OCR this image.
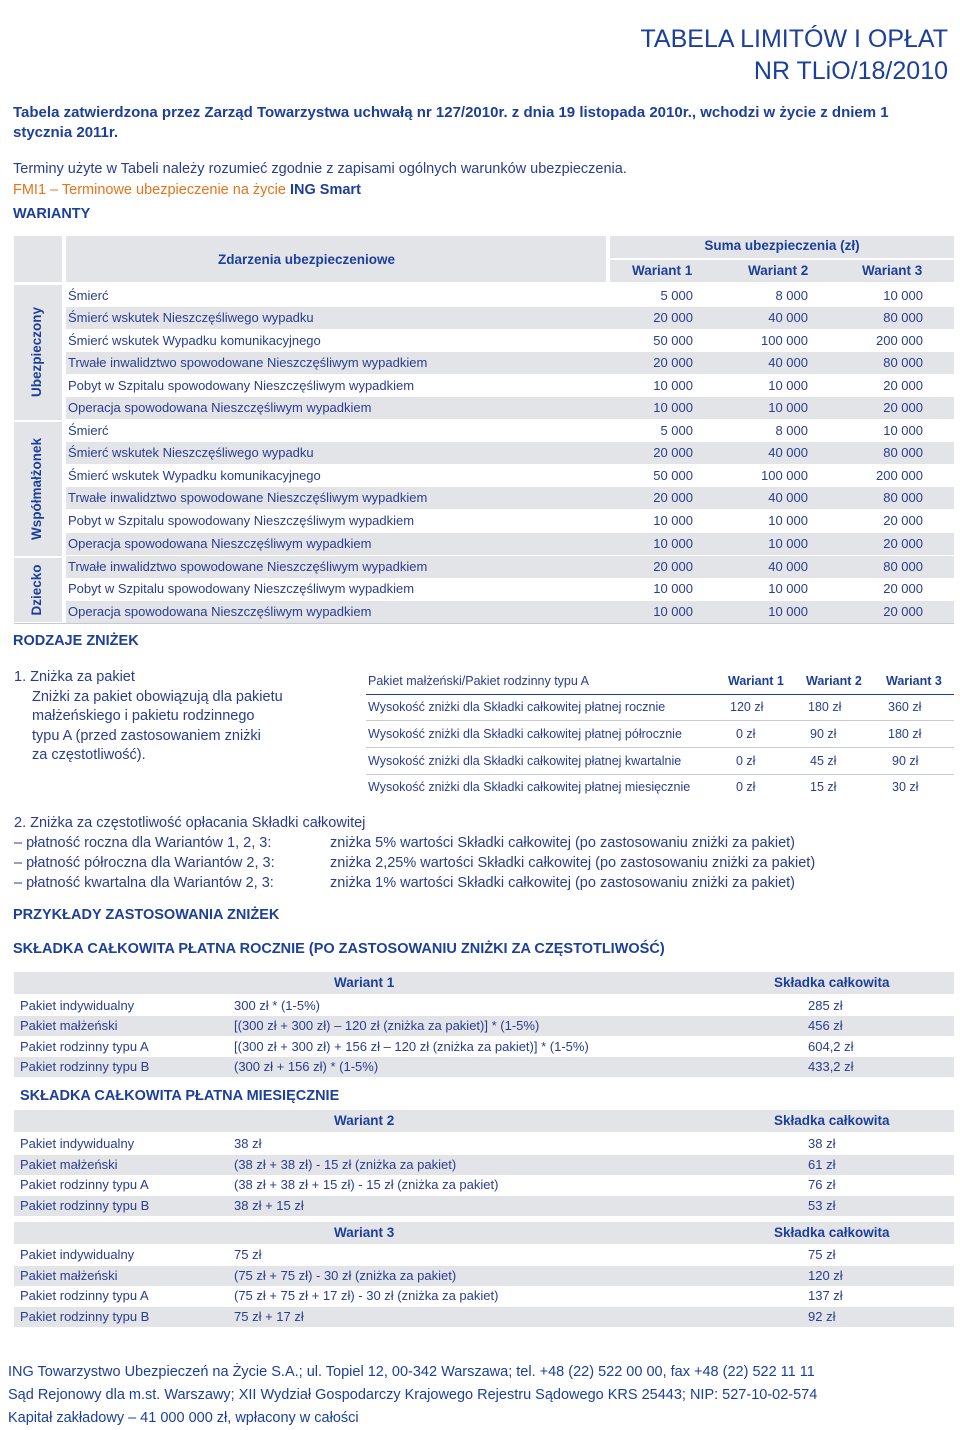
TABELA LIMITÓW I OPŁAT
NR TLiO/18/2010
Tabela zatwierdzona przez Zarząd Towarzystwa uchwałą nr 127/2010r. z dnia 19 listopada 2010r., wchodzi w życie z dniem 1 stycznia 2011r.
Terminy użyte w Tabeli należy rozumieć zgodnie z zapisami ogólnych warunków ubezpieczenia.
FMI1 – Terminowe ubezpieczenie na życie ING Smart
WARIANTY
Zdarzenia ubezpieczeniowe
Suma ubezpieczenia (zł)
Wariant 1	Wariant 2	Wariant 3
Ubezpieczony
Współmałżonek
Dziecko
Śmierć	5 000	8 000	10 000
Śmierć wskutek Nieszczęśliwego wypadku	20 000	40 000	80 000
Śmierć wskutek Wypadku komunikacyjnego	50 000	100 000	200 000
Trwałe inwalidztwo spowodowane Nieszczęśliwym wypadkiem	20 000	40 000	80 000
Pobyt w Szpitalu spowodowany Nieszczęśliwym wypadkiem	10 000	10 000	20 000
Operacja spowodowana Nieszczęśliwym wypadkiem	10 000	10 000	20 000
Śmierć	5 000	8 000	10 000
Śmierć wskutek Nieszczęśliwego wypadku	20 000	40 000	80 000
Śmierć wskutek Wypadku komunikacyjnego	50 000	100 000	200 000
Trwałe inwalidztwo spowodowane Nieszczęśliwym wypadkiem	20 000	40 000	80 000
Pobyt w Szpitalu spowodowany Nieszczęśliwym wypadkiem	10 000	10 000	20 000
Operacja spowodowana Nieszczęśliwym wypadkiem	10 000	10 000	20 000
Trwałe inwalidztwo spowodowane Nieszczęśliwym wypadkiem	20 000	40 000	80 000
Pobyt w Szpitalu spowodowany Nieszczęśliwym wypadkiem	10 000	10 000	20 000
Operacja spowodowana Nieszczęśliwym wypadkiem	10 000	10 000	20 000
RODZAJE ZNIŻEK
1. Zniżka za pakiet
Zniżki za pakiet obowiązują dla pakietu
małżeńskiego i pakietu rodzinnego
typu A (przed zastosowaniem zniżki
za częstotliwość).
Pakiet małżeński/Pakiet rodzinny typu A	Wariant 1 Wariant 2 Wariant 3
Wysokość zniżki dla Składki całkowitej płatnej rocznie	120 zł	180 zł	360 zł
Wysokość zniżki dla Składki całkowitej płatnej półrocznie	0 zł	90 zł	180 zł
Wysokość zniżki dla Składki całkowitej płatnej kwartalnie	0 zł	45 zł	90 zł
Wysokość zniżki dla Składki całkowitej płatnej miesięcznie	0 zł	15 zł	30 zł
2. Zniżka za częstotliwość opłacania Składki całkowitej
– płatność roczna dla Wariantów 1, 2, 3:	zniżka 5% wartości Składki całkowitej (po zastosowaniu zniżki za pakiet)
– płatność półroczna dla Wariantów 2, 3:	zniżka 2,25% wartości Składki całkowitej (po zastosowaniu zniżki za pakiet)
– płatność kwartalna dla Wariantów 2, 3:	zniżka 1% wartości Składki całkowitej (po zastosowaniu zniżki za pakiet)
PRZYKŁADY ZASTOSOWANIA ZNIŻEK
SKŁADKA CAŁKOWITA PŁATNA ROCZNIE (PO ZASTOSOWANIU ZNIŻKI ZA CZĘSTOTLIWOŚĆ)
Wariant 1	Składka całkowita
Pakiet indywidualny	300 zł * (1-5%)	285 zł
Pakiet małżeński	[(300 zł + 300 zł) – 120 zł (zniżka za pakiet)] * (1-5%)	456 zł
Pakiet rodzinny typu A	[(300 zł + 300 zł) + 156 zł – 120 zł (zniżka za pakiet)] * (1-5%)	604,2 zł
Pakiet rodzinny typu B	(300 zł + 156 zł) * (1-5%)	433,2 zł
SKŁADKA CAŁKOWITA PŁATNA MIESIĘCZNIE
Wariant 2	Składka całkowita
Pakiet indywidualny	38 zł	38 zł
Pakiet małżeński	(38 zł + 38 zł) - 15 zł (zniżka za pakiet)	61 zł
Pakiet rodzinny typu A	(38 zł + 38 zł + 15 zł) - 15 zł (zniżka za pakiet)	76 zł
Pakiet rodzinny typu B	38 zł + 15 zł	53 zł
Wariant 3	Składka całkowita
Pakiet indywidualny	75 zł	75 zł
Pakiet małżeński	(75 zł + 75 zł) - 30 zł (zniżka za pakiet)	120 zł
Pakiet rodzinny typu A	(75 zł + 75 zł + 17 zł) - 30 zł (zniżka za pakiet)	137 zł
Pakiet rodzinny typu B	75 zł + 17 zł	92 zł
ING Towarzystwo Ubezpieczeń na Życie S.A.; ul. Topiel 12, 00-342 Warszawa; tel. +48 (22) 522 00 00, fax +48 (22) 522 11 11
Sąd Rejonowy dla m.st. Warszawy; XII Wydział Gospodarczy Krajowego Rejestru Sądowego KRS 25443; NIP: 527-10-02-574
Kapitał zakładowy – 41 000 000 zł, wpłacony w całości
